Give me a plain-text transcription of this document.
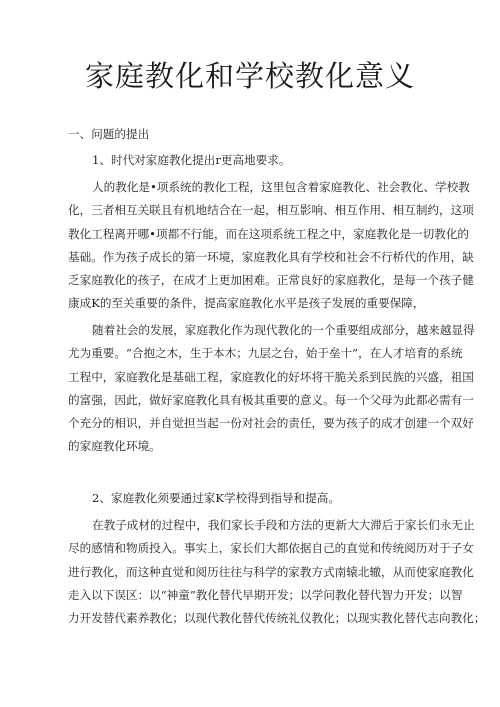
家庭教化和学校教化意义
一、问题的提出
1、时代对家庭教化提出r更高地要求。
人的教化是•项系统的教化工程，这里包含着家庭教化、社会教化、学校教
化，三者相互关联且有机地结合在一起，相互影响、相互作用、相互制约，这项
教化工程离开哪•项都不行能，而在这项系统工程之中，家庭教化是一切教化的
基础。作为孩子成长的第一环境，家庭教化具有学校和社会不行桥代的作用，缺
乏家庭教化的孩子，在成才上更加困难。正常良好的家庭教化，是每一个孩子健
康成K的至关重要的条件，提高家庭教化水平是孩子发展的重要保障，
随着社会的发展，家庭教化作为现代教化的一个重要组成部分，越来越显得
尤为重要。“合抱之木，生于本木；九层之台，始于垒十”，在人才培育的系统
工程中，家庭教化是基础工程，家庭教化的好坏将干脆关系到民族的兴盛，祖国
的富强，因此，做好家庭教化具有极其重要的意义。每一个父母为此都必需有一
个充分的相识，并自觉担当起一份对社会的责任，要为孩子的成才创建一个双好
的家庭教化环境。
2、家庭教化须要通过家K学校得到指导和提高。
在教子成材的过程中，我们家长手段和方法的更新大大滞后于家长们永无止
尽的感情和物质投入。事实上，家长们大都依据自己的直觉和传统阅历对于子女
进行教化，而这种直觉和阅历往往与科学的家教方式南辕北辙，从而使家庭教化
走入以下误区：以“神童”教化替代早期开发；以学问教化替代智力开发；以智
力开发替代素养教化；以现代教化替代传统礼仪教化；以现实教化替代志向教化；
